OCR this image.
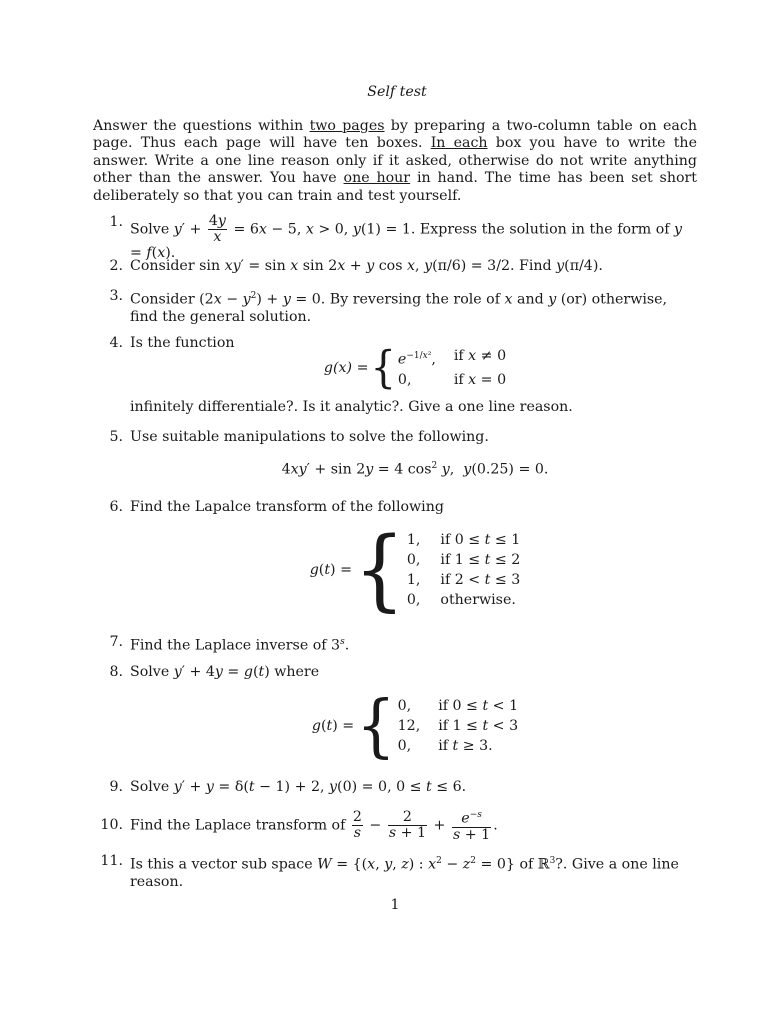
Self test
Answer the questions within two pages by preparing a two-column table on each page. Thus each page will have ten boxes. In each box you have to write the answer. Write a one line reason only if it asked, otherwise do not write anything other than the answer. You have one hour in hand. The time has been set short deliberately so that you can train and test yourself.
1. Solve $y' + \frac{4y}{x} = 6x - 5$, x > 0, y(1) = 1. Express the solution in the form of y = f(x).
2. Consider sin xy′ = sin x sin 2x + y cos x, y(π/6) = 3/2. Find y(π/4).
3. Consider $(2x - y^2) + y = 0$. By reversing the role of x and y (or) otherwise, find the general solution.
4. Is the function
g(x) = { $e^{-1/x^2}$, if x ≠ 0
0,	if x = 0
infinitely differentiale?. Is it analytic?. Give a one line reason.
5. Use suitable manipulations to solve the following.
4xy′ + sin 2y = 4 $\cos^2 y$,  y(0.25) = 0.
6. Find the Lapalce transform of the following
g(t) = { 1, if 0 ≤ t ≤ 1
0, if 1 ≤ t ≤ 2
1, if 2 < t ≤ 3
0, otherwise.
7. Find the Laplace inverse of 3$^s$.
8. Solve y′ + 4y = g(t) where
g(t) = { 0,	if 0 ≤ t < 1
12, if 1 ≤ t < 3
0,	if t ≥ 3.
9. Solve y′ + y = δ(t − 1) + 2, y(0) = 0, 0 ≤ t ≤ 6.
10. Find the Laplace transform of $\frac{2}{s} - \frac{2}{s + 1} + \frac{e^{-s}}{s + 1}$ .
11. Is this a vector sub space W = {(x, y, z) : $x^2 - z^2 = 0$} of ℝ$^3$?. Give a one line reason.
1
